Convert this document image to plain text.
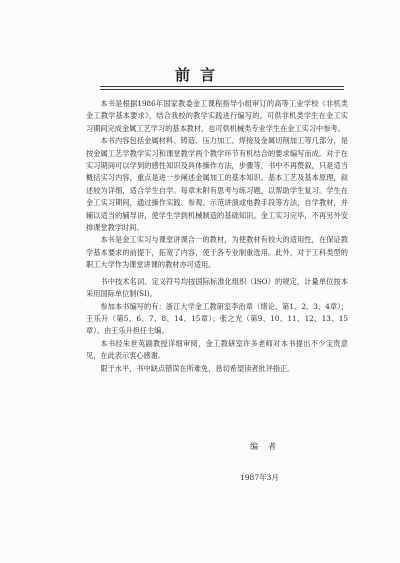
前言

本书是根据1986年国家教委金工课程指导小组审订的高等工业学校《非机类金工教学基本要求》，结合我校的教学实践进行编写的。可供非机类学生在金工实习期间完成金属工艺学习的基本教材，也可供机械类专业学生在金工实习中参考。

本书内容包括金属材料、铸造、压力加工、焊接及金属切削加工等几部分，是按金属工艺学教学实习和课堂教学两个教学环节有机结合的要求编写而成。对于在实习期间可以学到的感性知识及具体操作方法，步骤等，书中不再赘叙，只是适当概括实习内容，重点是进一步阐述金属加工的基本知识、基本工艺及基本原理，叙述较为详细，适合学生自学。每章末附有思考与练习题，以帮助学生复习。学生在金工实习期间，通过操作实践、参观、示范讲演或电教手段等方法，自学教材，并辅以适当的辅导讲，使学生学到机械制造的基础知识。金工实习完毕，不再另外安排课堂教学时间。

本书是金工实习与课堂讲课合一的教材，为使教材有较大的适用性，在保证教学基本要求的前提下，拓宽了内容，使于各专业制重选用。此外，对于工科类型的职工大学作为课堂讲课的教材亦可适用。

书中技术名词、定义符号均按国际标准化组织（ISO）的规定，计量单位按本采用国际单位制(SI)。

参加本书编写的有：浙江大学金工教研室李治章（绪论、第1、2、3、4章）；王乐升（第5、6、7、8、14、15章）；张之光（第9、10、11、12、13、15章）。由王乐升担任主编。

本书经朱世英副教授详细审阅，金工教研室许多老师对本书提出不少宝贵意见，在此表示衷心感谢。

限于水平，书中缺点错误在所难免，恳切希望读者批评指正。

编者
1987年3月
